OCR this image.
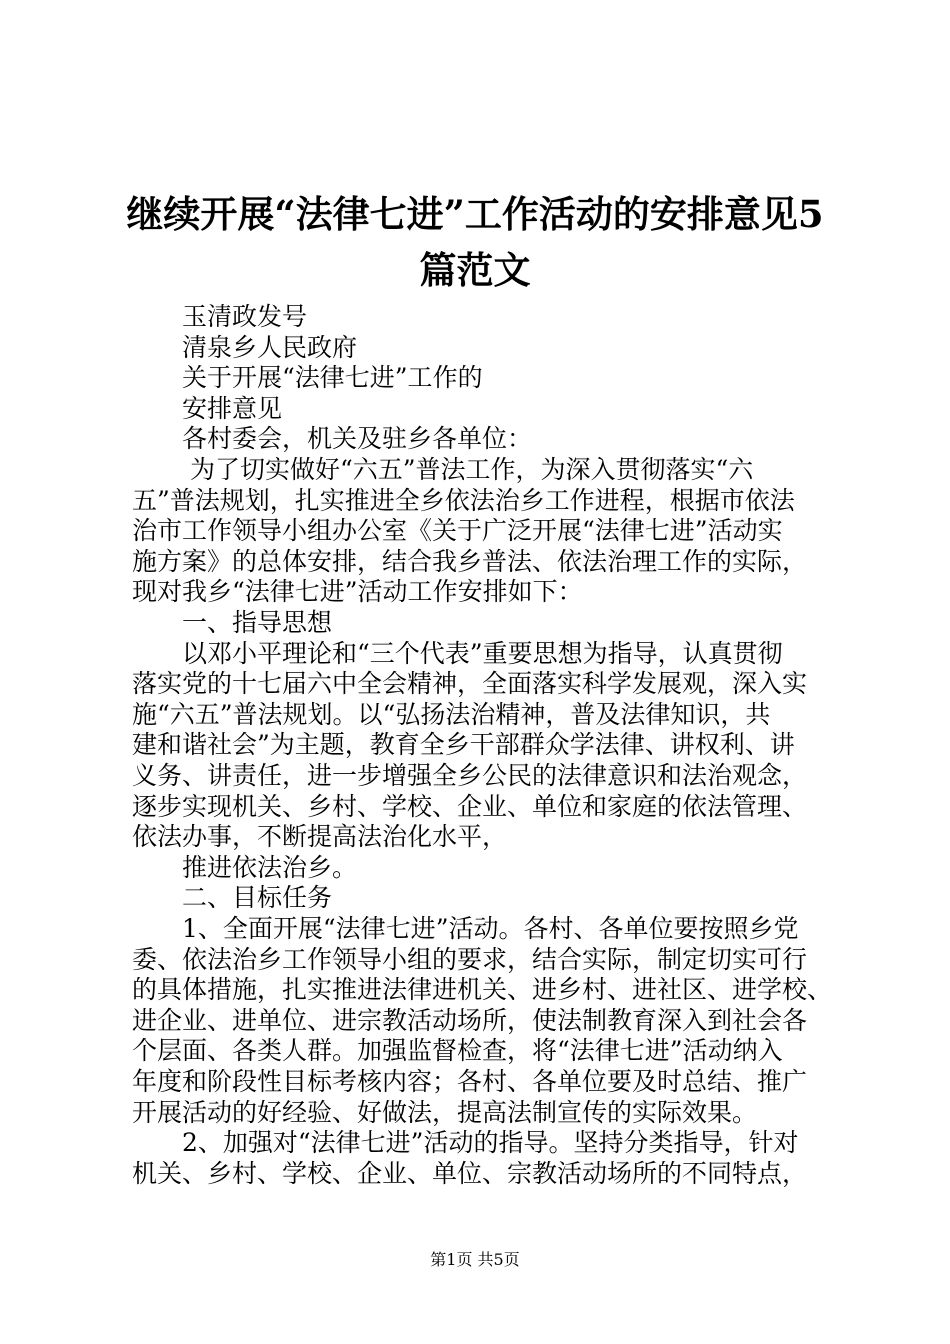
继续开展“法律七进”工作活动的安排意见5
篇范文
　　玉清政发号
　　清泉乡人民政府
　　关于开展“法律七进”工作的
　　安排意见
　　各村委会，机关及驻乡各单位：
　　 为了切实做好“六五”普法工作，为深入贯彻落实“六
五”普法规划，扎实推进全乡依法治乡工作进程，根据市依法
治市工作领导小组办公室《关于广泛开展“法律七进”活动实
施方案》的总体安排，结合我乡普法、依法治理工作的实际，
现对我乡“法律七进”活动工作安排如下：
　　一、指导思想
　　以邓小平理论和“三个代表”重要思想为指导，认真贯彻
落实党的十七届六中全会精神，全面落实科学发展观，深入实
施“六五”普法规划。以“弘扬法治精神，普及法律知识，共
建和谐社会”为主题，教育全乡干部群众学法律、讲权利、讲
义务、讲责任，进一步增强全乡公民的法律意识和法治观念，
逐步实现机关、乡村、学校、企业、单位和家庭的依法管理、
依法办事，不断提高法治化水平，
　　推进依法治乡。
　　二、目标任务
　　1、全面开展“法律七进”活动。各村、各单位要按照乡党
委、依法治乡工作领导小组的要求，结合实际，制定切实可行
的具体措施，扎实推进法律进机关、进乡村、进社区、进学校、
进企业、进单位、进宗教活动场所，使法制教育深入到社会各
个层面、各类人群。加强监督检查，将“法律七进”活动纳入
年度和阶段性目标考核内容；各村、各单位要及时总结、推广
开展活动的好经验、好做法，提高法制宣传的实际效果。
　　2、加强对“法律七进”活动的指导。坚持分类指导，针对
机关、乡村、学校、企业、单位、宗教活动场所的不同特点，
第1页 共5页
